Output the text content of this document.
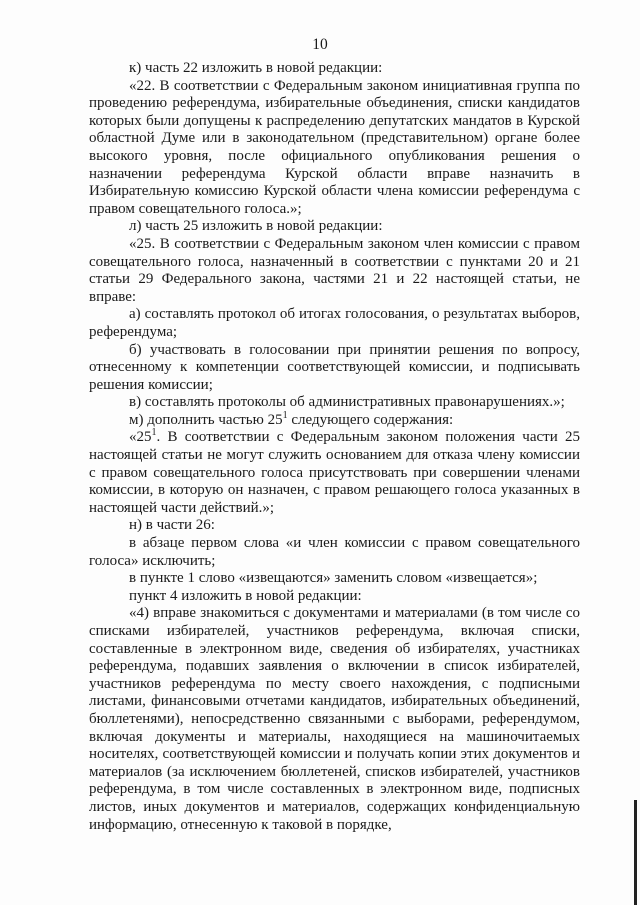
10

к) часть 22 изложить в новой редакции:

«22. В соответствии с Федеральным законом инициативная группа по проведению референдума, избирательные объединения, списки кандидатов которых были допущены к распределению депутатских мандатов в Курской областной Думе или в законодательном (представительном) органе более высокого уровня, после официального опубликования решения о назначении референдума Курской области вправе назначить в Избирательную комиссию Курской области члена комиссии референдума с правом совещательного голоса.»;

л) часть 25 изложить в новой редакции:

«25. В соответствии с Федеральным законом член комиссии с правом совещательного голоса, назначенный в соответствии с пунктами 20 и 21 статьи 29 Федерального закона, частями 21 и 22 настоящей статьи, не вправе:

а) составлять протокол об итогах голосования, о результатах выборов, референдума;

б) участвовать в голосовании при принятии решения по вопросу, отнесенному к компетенции соответствующей комиссии, и подписывать решения комиссии;

в) составлять протоколы об административных правонарушениях.»;

м) дополнить частью $25^1$ следующего содержания:

«$25^1$. В соответствии с Федеральным законом положения части 25 настоящей статьи не могут служить основанием для отказа члену комиссии с правом совещательного голоса присутствовать при совершении членами комиссии, в которую он назначен, с правом решающего голоса указанных в настоящей части действий.»;

н) в части 26:

в абзаце первом слова «и член комиссии с правом совещательного голоса» исключить;

в пункте 1 слово «извещаются» заменить словом «извещается»;

пункт 4 изложить в новой редакции:

«4) вправе знакомиться с документами и материалами (в том числе со списками избирателей, участников референдума, включая списки, составленные в электронном виде, сведения об избирателях, участниках референдума, подавших заявления о включении в список избирателей, участников референдума по месту своего нахождения, с подписными листами, финансовыми отчетами кандидатов, избирательных объединений, бюллетенями), непосредственно связанными с выборами, референдумом, включая документы и материалы, находящиеся на машиночитаемых носителях, соответствующей комиссии и получать копии этих документов и материалов (за исключением бюллетеней, списков избирателей, участников референдума, в том числе составленных в электронном виде, подписных листов, иных документов и материалов, содержащих конфиденциальную информацию, отнесенную к таковой в порядке,
